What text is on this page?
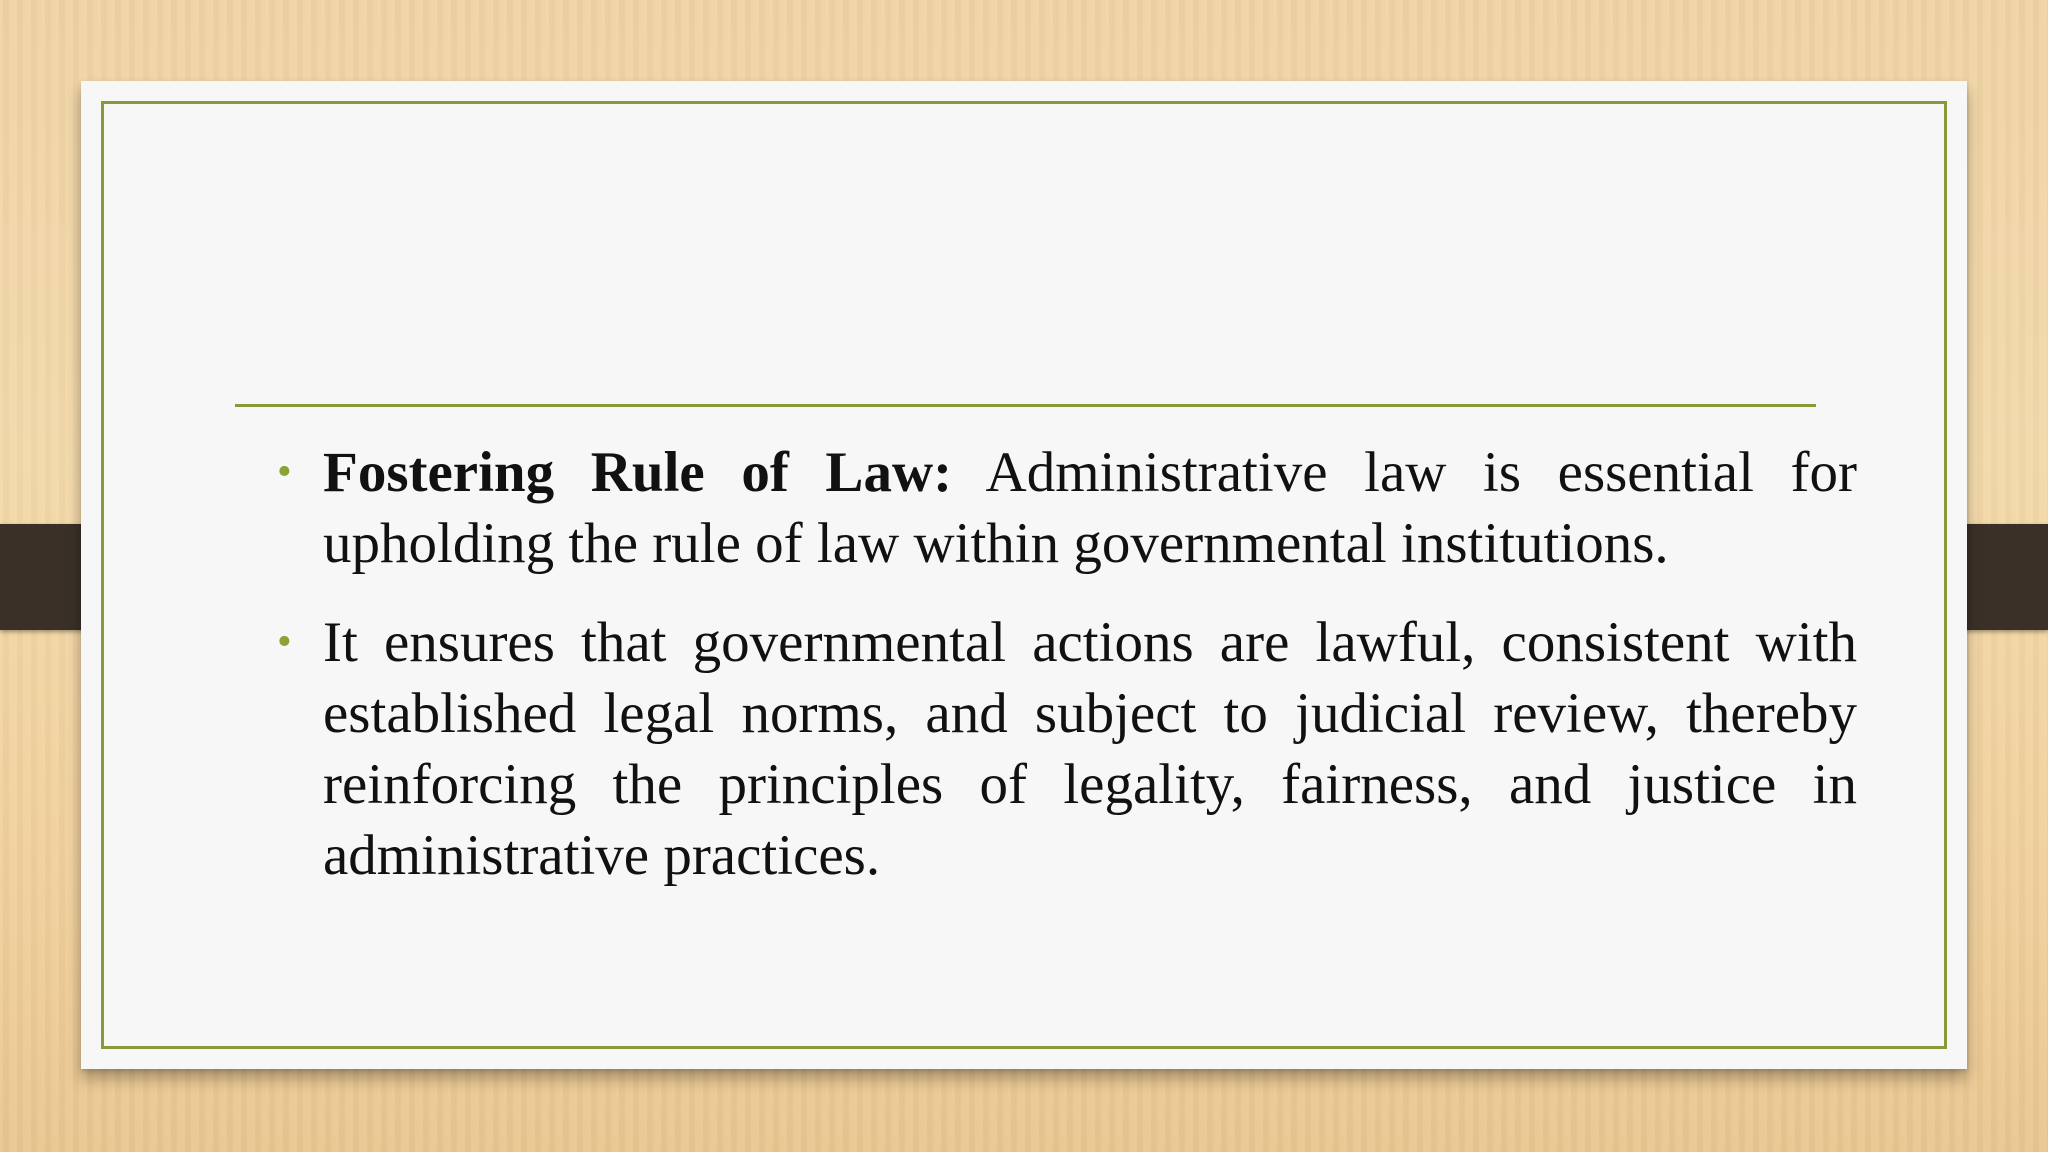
• Fostering Rule of Law: Administrative law is essential for upholding the rule of law within governmental institutions.

• It ensures that governmental actions are lawful, consistent with established legal norms, and subject to judicial review, thereby reinforcing the principles of legality, fairness, and justice in administrative practices.
